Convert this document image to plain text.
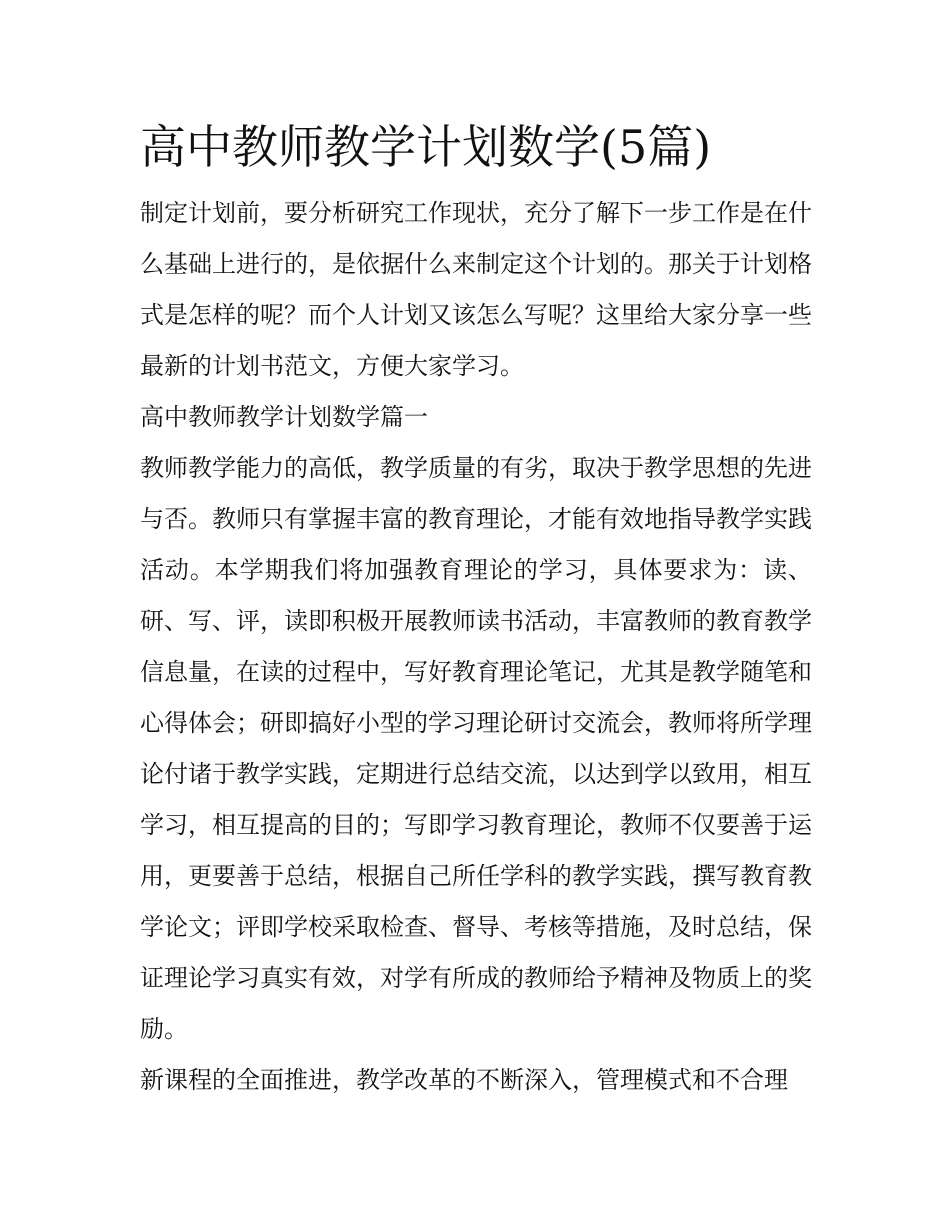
高中教师教学计划数学(5篇)

制定计划前，要分析研究工作现状，充分了解下一步工作是在什么基础上进行的，是依据什么来制定这个计划的。那关于计划格式是怎样的呢？而个人计划又该怎么写呢？这里给大家分享一些最新的计划书范文，方便大家学习。

高中教师教学计划数学篇一

教师教学能力的高低，教学质量的有劣，取决于教学思想的先进与否。教师只有掌握丰富的教育理论，才能有效地指导教学实践活动。本学期我们将加强教育理论的学习，具体要求为：读、研、写、评，读即积极开展教师读书活动，丰富教师的教育教学信息量，在读的过程中，写好教育理论笔记，尤其是教学随笔和心得体会；研即搞好小型的学习理论研讨交流会，教师将所学理论付诸于教学实践，定期进行总结交流，以达到学以致用，相互学习，相互提高的目的；写即学习教育理论，教师不仅要善于运用，更要善于总结，根据自己所任学科的教学实践，撰写教育教学论文；评即学校采取检查、督导、考核等措施，及时总结，保证理论学习真实有效，对学有所成的教师给予精神及物质上的奖励。

新课程的全面推进，教学改革的不断深入，管理模式和不合理
